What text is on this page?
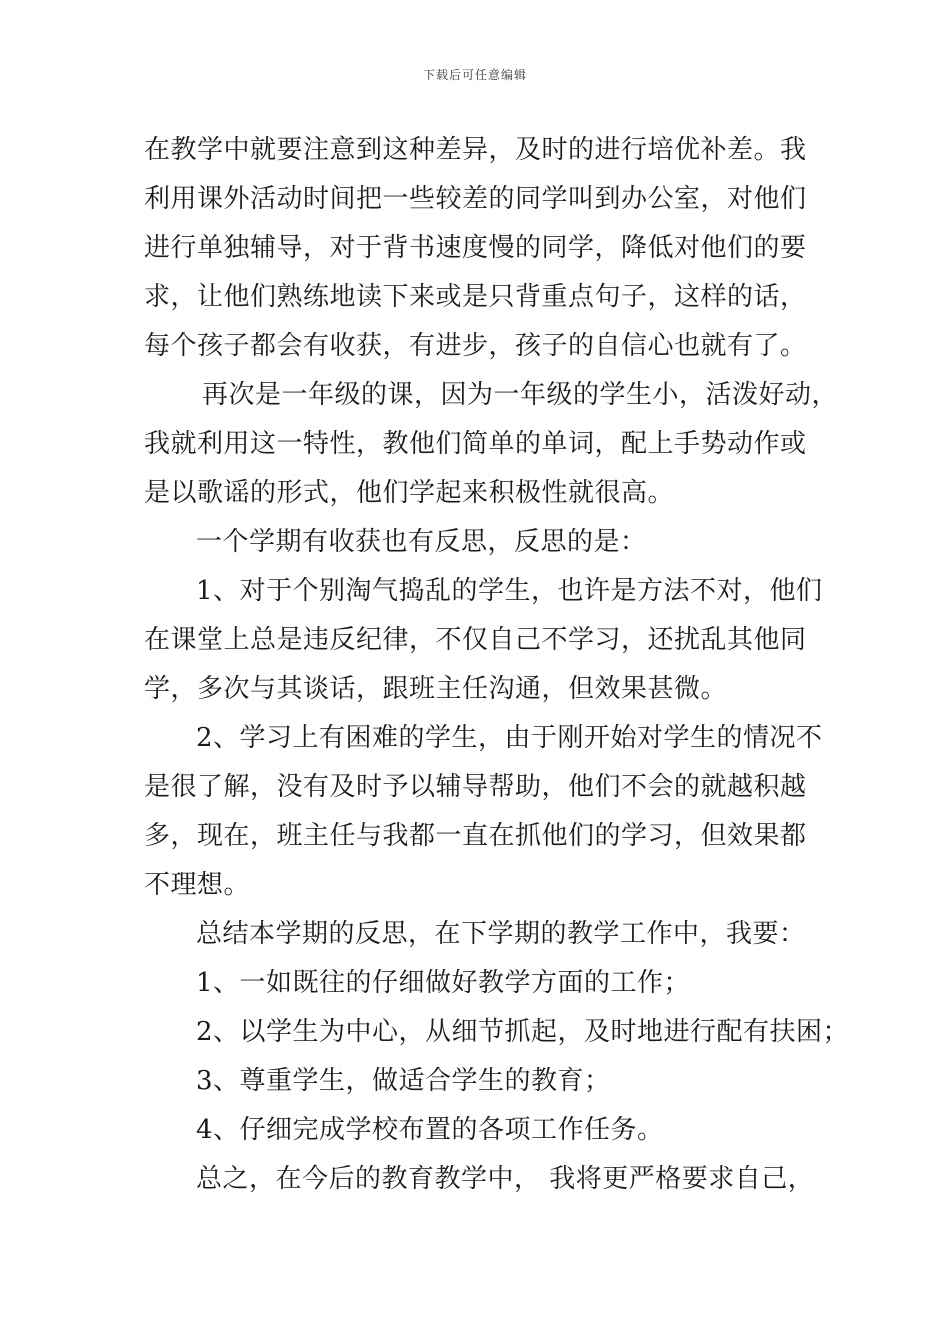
下载后可任意编辑
在教学中就要注意到这种差异，及时的进行培优补差。我
利用课外活动时间把一些较差的同学叫到办公室，对他们
进行单独辅导，对于背书速度慢的同学，降低对他们的要
求，让他们熟练地读下来或是只背重点句子，这样的话，
每个孩子都会有收获，有进步，孩子的自信心也就有了。
再次是一年级的课，因为一年级的学生小，活泼好动，
我就利用这一特性，教他们简单的单词，配上手势动作或
是以歌谣的形式，他们学起来积极性就很高。
一个学期有收获也有反思，反思的是：
1、对于个别淘气捣乱的学生，也许是方法不对，他们
在课堂上总是违反纪律，不仅自己不学习，还扰乱其他同
学，多次与其谈话，跟班主任沟通，但效果甚微。
2、学习上有困难的学生，由于刚开始对学生的情况不
是很了解，没有及时予以辅导帮助，他们不会的就越积越
多，现在，班主任与我都一直在抓他们的学习，但效果都
不理想。
总结本学期的反思，在下学期的教学工作中，我要：
1、一如既往的仔细做好教学方面的工作；
2、以学生为中心，从细节抓起，及时地进行配有扶困；
3、尊重学生，做适合学生的教育；
4、仔细完成学校布置的各项工作任务。
总之，在今后的教育教学中， 我将更严格要求自己，
